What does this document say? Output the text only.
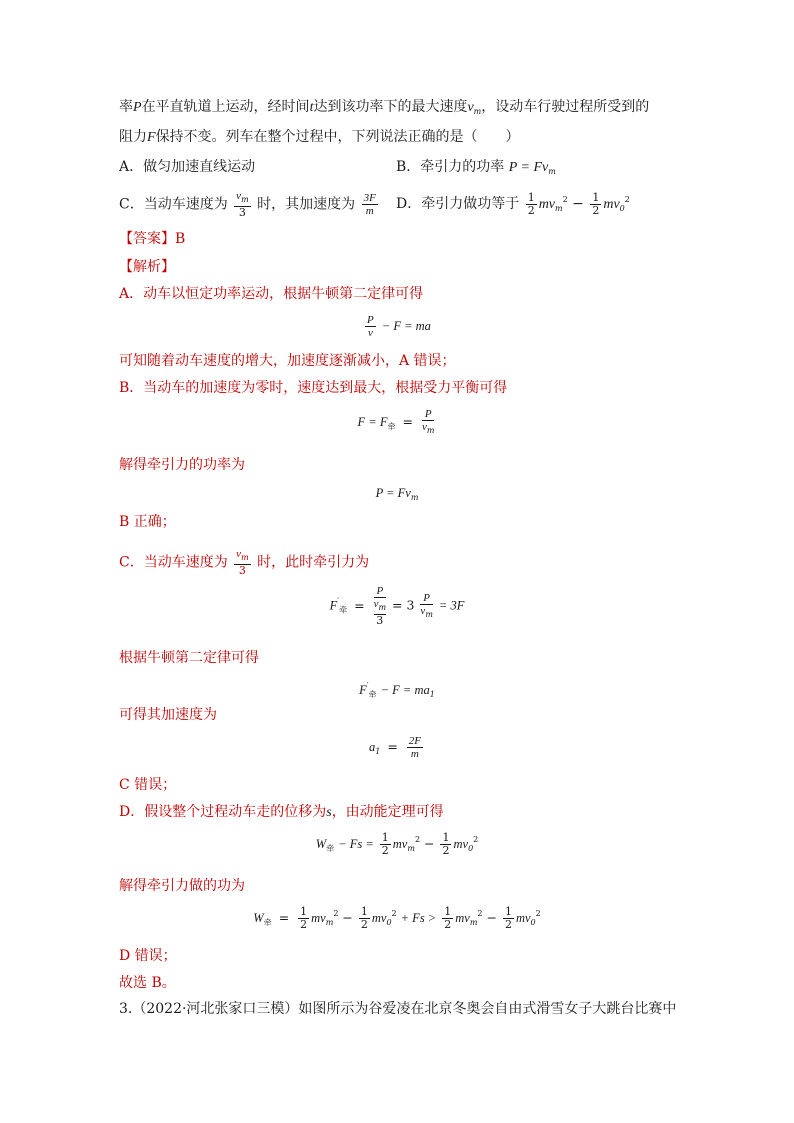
率P在平直轨道上运动，经时间t达到该功率下的最大速度$v_m$，设动车行驶过程所受到的
阻力F保持不变。列车在整个过程中，下列说法正确的是（　　）
A．做匀加速直线运动	B．牵引力的功率 $P = Fv_m$
C．当动车速度为 $\frac{v_m}{3}$ 时，其加速度为 $\frac{3F}{m}$ D．牵引力做功等于 $\frac{1}{2} mv_m^2 - \frac{1}{2} mv_0^2$
【答案】B
【解析】
A．动车以恒定功率运动，根据牛顿第二定律可得
$\frac{P}{v} - F$ = ma
可知随着动车速度的增大，加速度逐渐减小，A 错误；
B．当动车的加速度为零时，速度达到最大，根据受力平衡可得
$F = F_牵 = \frac{P}{v_m}$
解得牵引力的功率为
$P = Fv_m$
B 正确；
C．当动车速度为 $\frac{v_m}{3}$ 时，此时牵引力为
$F'_牵 = P$
$v_m$
$3 = 3 \frac{P}{v_m} = 3F$
根据牛顿第二定律可得
$F'_牵 - F = ma_1$
可得其加速度为
$a_1 = \frac{2F}{m}$
C 错误；
D．假设整个过程动车走的位移为s，由动能定理可得
$W_牵 - Fs = \frac{1}{2} mv_m^2 - \frac{1}{2} mv_0^2$
解得牵引力做的功为
$W_牵 = \frac{1}{2} mv_m^2 - \frac{1}{2} mv_0^2 + Fs > \frac{1}{2} mv_m^2 - \frac{1}{2} mv_0^2$
D 错误；
故选 B。
3.（2022·河北张家口三模）如图所示为谷爱凌在北京冬奥会自由式滑雪女子大跳台比赛中
